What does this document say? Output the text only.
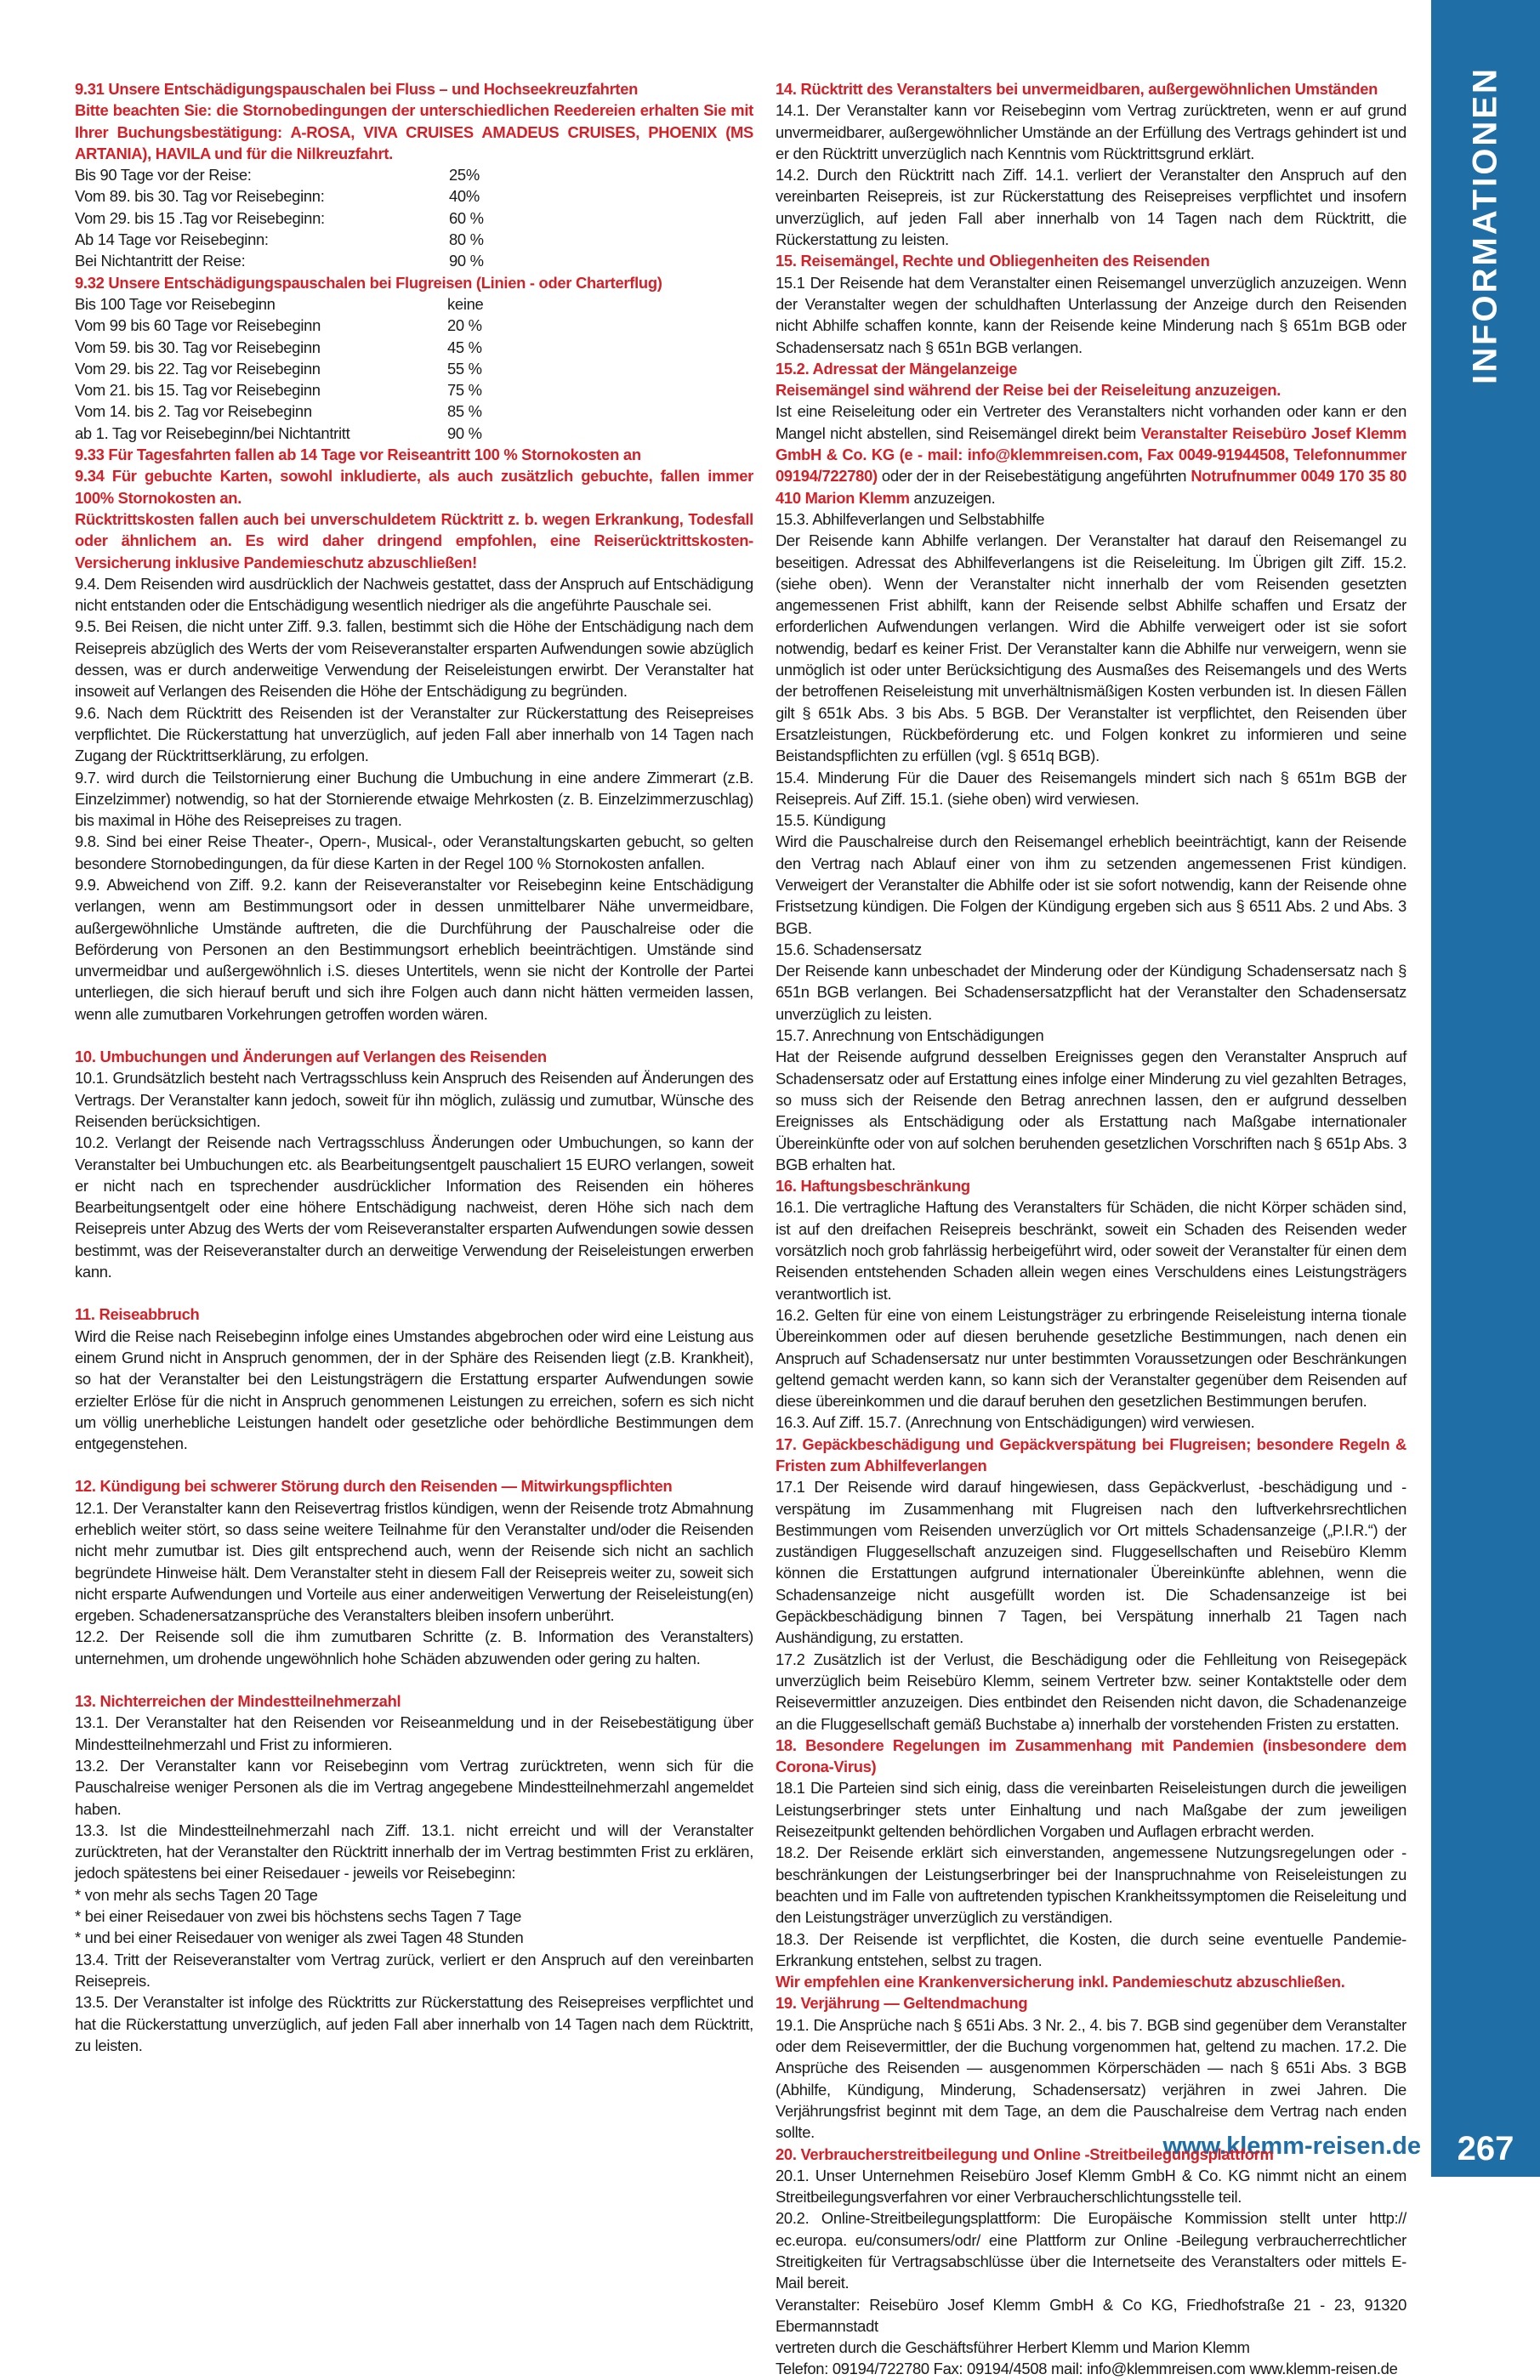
INFORMATIONEN
267
www.klemm-reisen.de

9.31 Unsere Entschädigungspauschalen bei Fluss – und Hochseekreuzfahrten

Bitte beachten Sie: die Stornobedingungen der unterschiedlichen Reedereien erhalten Sie mit Ihrer Buchungsbestätigung: A-ROSA, VIVA CRUISES AMADEUS CRUISES, PHOENIX (MS ARTANIA), HAVILA und für die Nilkreuzfahrt.

Bis 90 Tage vor der Reise:	25%
Vom 89. bis 30. Tag vor Reisebeginn:	40%
Vom 29. bis 15 .Tag vor Reisebeginn:	60 %
Ab 14 Tage vor Reisebeginn:	80 %
Bei Nichtantritt der Reise:	90 %

9.32 Unsere Entschädigungspauschalen bei Flugreisen (Linien - oder Charterflug)

Bis 100 Tage vor Reisebeginn	keine
Vom 99 bis 60 Tage vor Reisebeginn	20 %
Vom 59. bis 30. Tag vor Reisebeginn	45 %
Vom 29. bis 22. Tag vor Reisebeginn	55 %
Vom 21. bis 15. Tag vor Reisebeginn	75 %
Vom 14. bis 2. Tag vor Reisebeginn	85 %
ab 1. Tag vor Reisebeginn/bei Nichtantritt	90 %

9.33 Für Tagesfahrten fallen ab 14 Tage vor Reiseantritt 100 % Stornokosten an

9.34 Für gebuchte Karten, sowohl inkludierte, als auch zusätzlich gebuchte, fallen immer 100% Stornokosten an.

Rücktrittskosten fallen auch bei unverschuldetem Rücktritt z. b. wegen Erkrankung, Todesfall oder ähnlichem an. Es wird daher dringend empfohlen, eine Reiserücktrittskosten-Versicherung inklusive Pandemieschutz abzuschließen!

9.4. Dem Reisenden wird ausdrücklich der Nachweis gestattet, dass der Anspruch auf Entschädigung nicht entstanden oder die Entschädigung wesentlich niedriger als die angeführte Pauschale sei.

9.5. Bei Reisen, die nicht unter Ziff. 9.3. fallen, bestimmt sich die Höhe der Entschädigung nach dem Reisepreis abzüglich des Werts der vom Reiseveranstalter ersparten Aufwendungen sowie abzüglich dessen, was er durch anderweitige Verwendung der Reiseleistungen erwirbt. Der Veranstalter hat insoweit auf Verlangen des Reisenden die Höhe der Entschädigung zu begründen.

9.6. Nach dem Rücktritt des Reisenden ist der Veranstalter zur Rückerstattung des Reisepreises verpflichtet. Die Rückerstattung hat unverzüglich, auf jeden Fall aber innerhalb von 14 Tagen nach Zugang der Rücktrittserklärung, zu erfolgen.

9.7. wird durch die Teilstornierung einer Buchung die Umbuchung in eine andere Zimmerart (z.B. Einzelzimmer) notwendig, so hat der Stornierende etwaige Mehrkosten (z. B. Einzelzimmerzuschlag) bis maximal in Höhe des Reisepreises zu tragen.

9.8. Sind bei einer Reise Theater-, Opern-, Musical-, oder Veranstaltungskarten gebucht, so gelten besondere Stornobedingungen, da für diese Karten in der Regel 100 % Stornokosten anfallen.

9.9. Abweichend von Ziff. 9.2. kann der Reiseveranstalter vor Reisebeginn keine Entschädigung verlangen, wenn am Bestimmungsort oder in dessen unmittelbarer Nähe unvermeidbare, außergewöhnliche Umstände auftreten, die die Durchführung der Pauschalreise oder die Beförderung von Personen an den Bestimmungsort erheblich beeinträchtigen. Umstände sind unvermeidbar und außergewöhnlich i.S. dieses Untertitels, wenn sie nicht der Kontrolle der Partei unterliegen, die sich hierauf beruft und sich ihre Folgen auch dann nicht hätten vermeiden lassen, wenn alle zumutbaren Vorkehrungen getroffen worden wären.

10. Umbuchungen und Änderungen auf Verlangen des Reisenden

10.1. Grundsätzlich besteht nach Vertragsschluss kein Anspruch des Reisenden auf Änderungen des Vertrags. Der Veranstalter kann jedoch, soweit für ihn möglich, zulässig und zumutbar, Wünsche des Reisenden berücksichtigen.

10.2. Verlangt der Reisende nach Vertragsschluss Änderungen oder Umbuchungen, so kann der Veranstalter bei Umbuchungen etc. als Bearbeitungsentgelt pauschaliert 15 EURO verlangen, soweit er nicht nach en tsprechender ausdrücklicher Information des Reisenden ein höheres Bearbeitungsentgelt oder eine höhere Entschädigung nachweist, deren Höhe sich nach dem Reisepreis unter Abzug des Werts der vom Reiseveranstalter ersparten Aufwendungen sowie dessen bestimmt, was der Reiseveranstalter durch an derweitige Verwendung der Reiseleistungen erwerben kann.

11. Reiseabbruch

Wird die Reise nach Reisebeginn infolge eines Umstandes abgebrochen oder wird eine Leistung aus einem Grund nicht in Anspruch genommen, der in der Sphäre des Reisenden liegt (z.B. Krankheit), so hat der Veranstalter bei den Leistungsträgern die Erstattung ersparter Aufwendungen sowie erzielter Erlöse für die nicht in Anspruch genommenen Leistungen zu erreichen, sofern es sich nicht um völlig unerhebliche Leistungen handelt oder gesetzliche oder behördliche Bestimmungen dem entgegenstehen.

12. Kündigung bei schwerer Störung durch den Reisenden — Mitwirkungspflichten

12.1. Der Veranstalter kann den Reisevertrag fristlos kündigen, wenn der Reisende trotz Abmahnung erheblich weiter stört, so dass seine weitere Teilnahme für den Veranstalter und/oder die Reisenden nicht mehr zumutbar ist. Dies gilt entsprechend auch, wenn der Reisende sich nicht an sachlich begründete Hinweise hält. Dem Veranstalter steht in diesem Fall der Reisepreis weiter zu, soweit sich nicht ersparte Aufwendungen und Vorteile aus einer anderweitigen Verwertung der Reiseleistung(en) ergeben. Schadenersatzansprüche des Veranstalters bleiben insofern unberührt.

12.2. Der Reisende soll die ihm zumutbaren Schritte (z. B. Information des Veranstalters) unternehmen, um drohende ungewöhnlich hohe Schäden abzuwenden oder gering zu halten.

13. Nichterreichen der Mindestteilnehmerzahl

13.1. Der Veranstalter hat den Reisenden vor Reiseanmeldung und in der Reisebestätigung über Mindestteilnehmerzahl und Frist zu informieren.

13.2. Der Veranstalter kann vor Reisebeginn vom Vertrag zurücktreten, wenn sich für die Pauschalreise weniger Personen als die im Vertrag angegebene Mindestteilnehmerzahl angemeldet haben.

13.3. Ist die Mindestteilnehmerzahl nach Ziff. 13.1. nicht erreicht und will der Veranstalter zurücktreten, hat der Veranstalter den Rücktritt innerhalb der im Vertrag bestimmten Frist zu erklären, jedoch spätestens bei einer Reisedauer - jeweils vor Reisebeginn:

* von mehr als sechs Tagen 20 Tage

* bei einer Reisedauer von zwei bis höchstens sechs Tagen 7 Tage

* und bei einer Reisedauer von weniger als zwei Tagen 48 Stunden

13.4. Tritt der Reiseveranstalter vom Vertrag zurück, verliert er den Anspruch auf den vereinbarten Reisepreis.

13.5. Der Veranstalter ist infolge des Rücktritts zur Rückerstattung des Reisepreises verpflichtet und hat die Rückerstattung unverzüglich, auf jeden Fall aber innerhalb von 14 Tagen nach dem Rücktritt, zu leisten.

14. Rücktritt des Veranstalters bei unvermeidbaren, außergewöhnlichen Umständen

14.1. Der Veranstalter kann vor Reisebeginn vom Vertrag zurücktreten, wenn er auf grund unvermeidbarer, außergewöhnlicher Umstände an der Erfüllung des Vertrags gehindert ist und er den Rücktritt unverzüglich nach Kenntnis vom Rücktrittsgrund erklärt.

14.2. Durch den Rücktritt nach Ziff. 14.1. verliert der Veranstalter den Anspruch auf den vereinbarten Reisepreis, ist zur Rückerstattung des Reisepreises verpflichtet und insofern unverzüglich, auf jeden Fall aber innerhalb von 14 Tagen nach dem Rücktritt, die Rückerstattung zu leisten.

15. Reisemängel, Rechte und Obliegenheiten des Reisenden

15.1 Der Reisende hat dem Veranstalter einen Reisemangel unverzüglich anzuzeigen. Wenn der Veranstalter wegen der schuldhaften Unterlassung der Anzeige durch den Reisenden nicht Abhilfe schaffen konnte, kann der Reisende keine Minderung nach § 651m BGB oder Schadensersatz nach § 651n BGB verlangen.

15.2. Adressat der Mängelanzeige

Reisemängel sind während der Reise bei der Reiseleitung anzuzeigen.

Ist eine Reiseleitung oder ein Vertreter des Veranstalters nicht vorhanden oder kann er den Mangel nicht abstellen, sind Reisemängel direkt beim Veranstalter Reisebüro Josef Klemm GmbH & Co. KG (e - mail: info@klemmreisen.com, Fax 0049-91944508, Telefonnummer 09194/722780) oder der in der Reisebestätigung angeführten Notrufnummer 0049 170 35 80 410 Marion Klemm anzuzeigen.

15.3. Abhilfeverlangen und Selbstabhilfe

Der Reisende kann Abhilfe verlangen. Der Veranstalter hat darauf den Reisemangel zu beseitigen. Adressat des Abhilfeverlangens ist die Reiseleitung. Im Übrigen gilt Ziff. 15.2. (siehe oben). Wenn der Veranstalter nicht innerhalb der vom Reisenden gesetzten angemessenen Frist abhilft, kann der Reisende selbst Abhilfe schaffen und Ersatz der erforderlichen Aufwendungen verlangen. Wird die Abhilfe verweigert oder ist sie sofort notwendig, bedarf es keiner Frist. Der Veranstalter kann die Abhilfe nur verweigern, wenn sie unmöglich ist oder unter Berücksichtigung des Ausmaßes des Reisemangels und des Werts der betroffenen Reiseleistung mit unverhältnismäßigen Kosten verbunden ist. In diesen Fällen gilt § 651k Abs. 3 bis Abs. 5 BGB. Der Veranstalter ist verpflichtet, den Reisenden über Ersatzleistungen, Rückbeförderung etc. und Folgen konkret zu informieren und seine Beistandspflichten zu erfüllen (vgl. § 651q BGB).

15.4. Minderung Für die Dauer des Reisemangels mindert sich nach § 651m BGB der Reisepreis. Auf Ziff. 15.1. (siehe oben) wird verwiesen.

15.5. Kündigung

Wird die Pauschalreise durch den Reisemangel erheblich beeinträchtigt, kann der Reisende den Vertrag nach Ablauf einer von ihm zu setzenden angemessenen Frist kündigen. Verweigert der Veranstalter die Abhilfe oder ist sie sofort notwendig, kann der Reisende ohne Fristsetzung kündigen. Die Folgen der Kündigung ergeben sich aus § 6511 Abs. 2 und Abs. 3 BGB.

15.6. Schadensersatz

Der Reisende kann unbeschadet der Minderung oder der Kündigung Schadensersatz nach § 651n BGB verlangen. Bei Schadensersatzpflicht hat der Veranstalter den Schadensersatz unverzüglich zu leisten.

15.7. Anrechnung von Entschädigungen

Hat der Reisende aufgrund desselben Ereignisses gegen den Veranstalter Anspruch auf Schadensersatz oder auf Erstattung eines infolge einer Minderung zu viel gezahlten Betrages, so muss sich der Reisende den Betrag anrechnen lassen, den er aufgrund desselben Ereignisses als Entschädigung oder als Erstattung nach Maßgabe internationaler Übereinkünfte oder von auf solchen beruhenden gesetzlichen Vorschriften nach § 651p Abs. 3 BGB erhalten hat.

16. Haftungsbeschränkung

16.1. Die vertragliche Haftung des Veranstalters für Schäden, die nicht Körper schäden sind, ist auf den dreifachen Reisepreis beschränkt, soweit ein Schaden des Reisenden weder vorsätzlich noch grob fahrlässig herbeigeführt wird, oder soweit der Veranstalter für einen dem Reisenden entstehenden Schaden allein wegen eines Verschuldens eines Leistungsträgers verantwortlich ist.

16.2. Gelten für eine von einem Leistungsträger zu erbringende Reiseleistung interna tionale Übereinkommen oder auf diesen beruhende gesetzliche Bestimmungen, nach denen ein Anspruch auf Schadensersatz nur unter bestimmten Voraussetzungen oder Beschränkungen geltend gemacht werden kann, so kann sich der Veranstalter gegenüber dem Reisenden auf diese übereinkommen und die darauf beruhen den gesetzlichen Bestimmungen berufen.

16.3. Auf Ziff. 15.7. (Anrechnung von Entschädigungen) wird verwiesen.

17. Gepäckbeschädigung und Gepäckverspätung bei Flugreisen; besondere Regeln & Fristen zum Abhilfeverlangen

17.1 Der Reisende wird darauf hingewiesen, dass Gepäckverlust, -beschädigung und -verspätung im Zusammenhang mit Flugreisen nach den luftverkehrsrechtlichen Bestimmungen vom Reisenden unverzüglich vor Ort mittels Schadensanzeige („P.I.R.“) der zuständigen Fluggesellschaft anzuzeigen sind. Fluggesellschaften und Reisebüro Klemm können die Erstattungen aufgrund internationaler Übereinkünfte ablehnen, wenn die Schadensanzeige nicht ausgefüllt worden ist. Die Schadensanzeige ist bei Gepäckbeschädigung binnen 7 Tagen, bei Verspätung innerhalb 21 Tagen nach Aushändigung, zu erstatten.

17.2 Zusätzlich ist der Verlust, die Beschädigung oder die Fehlleitung von Reisegepäck unverzüglich beim Reisebüro Klemm, seinem Vertreter bzw. seiner Kontaktstelle oder dem Reisevermittler anzuzeigen. Dies entbindet den Reisenden nicht davon, die Schadenanzeige an die Fluggesellschaft gemäß Buchstabe a) innerhalb der vorstehenden Fristen zu erstatten.

18. Besondere Regelungen im Zusammenhang mit Pandemien (insbesondere dem Corona-Virus)

18.1 Die Parteien sind sich einig, dass die vereinbarten Reiseleistungen durch die jeweiligen Leistungserbringer stets unter Einhaltung und nach Maßgabe der zum jeweiligen Reisezeitpunkt geltenden behördlichen Vorgaben und Auflagen erbracht werden.

18.2. Der Reisende erklärt sich einverstanden, angemessene Nutzungsregelungen oder -beschränkungen der Leistungserbringer bei der Inanspruchnahme von Reiseleistungen zu beachten und im Falle von auftretenden typischen Krankheitssymptomen die Reiseleitung und den Leistungsträger unverzüglich zu verständigen.

18.3. Der Reisende ist verpflichtet, die Kosten, die durch seine eventuelle Pandemie-Erkrankung entstehen, selbst zu tragen.

Wir empfehlen eine Krankenversicherung inkl. Pandemieschutz abzuschließen.

19. Verjährung — Geltendmachung

19.1. Die Ansprüche nach § 651i Abs. 3 Nr. 2., 4. bis 7. BGB sind gegenüber dem Veranstalter oder dem Reisevermittler, der die Buchung vorgenommen hat, geltend zu machen. 17.2. Die Ansprüche des Reisenden — ausgenommen Körperschäden — nach § 651i Abs. 3 BGB (Abhilfe, Kündigung, Minderung, Schadensersatz) verjähren in zwei Jahren. Die Verjährungsfrist beginnt mit dem Tage, an dem die Pauschalreise dem Vertrag nach enden sollte.

20. Verbraucherstreitbeilegung und Online -Streitbeilegungsplattform

20.1. Unser Unternehmen Reisebüro Josef Klemm GmbH & Co. KG nimmt nicht an einem Streitbeilegungsverfahren vor einer Verbraucherschlichtungsstelle teil.

20.2. Online-Streitbeilegungsplattform: Die Europäische Kommission stellt unter http:// ec.europa. eu/consumers/odr/ eine Plattform zur Online -Beilegung verbraucherrechtlicher Streitigkeiten für Vertragsabschlüsse über die Internetseite des Veranstalters oder mittels E-Mail bereit.

Veranstalter: Reisebüro Josef Klemm GmbH & Co KG, Friedhofstraße 21 - 23, 91320 Ebermannstadt

vertreten durch die Geschäftsführer Herbert Klemm und Marion Klemm

Telefon: 09194/722780 Fax: 09194/4508 mail: info@klemmreisen.com www.klemm-reisen.de
